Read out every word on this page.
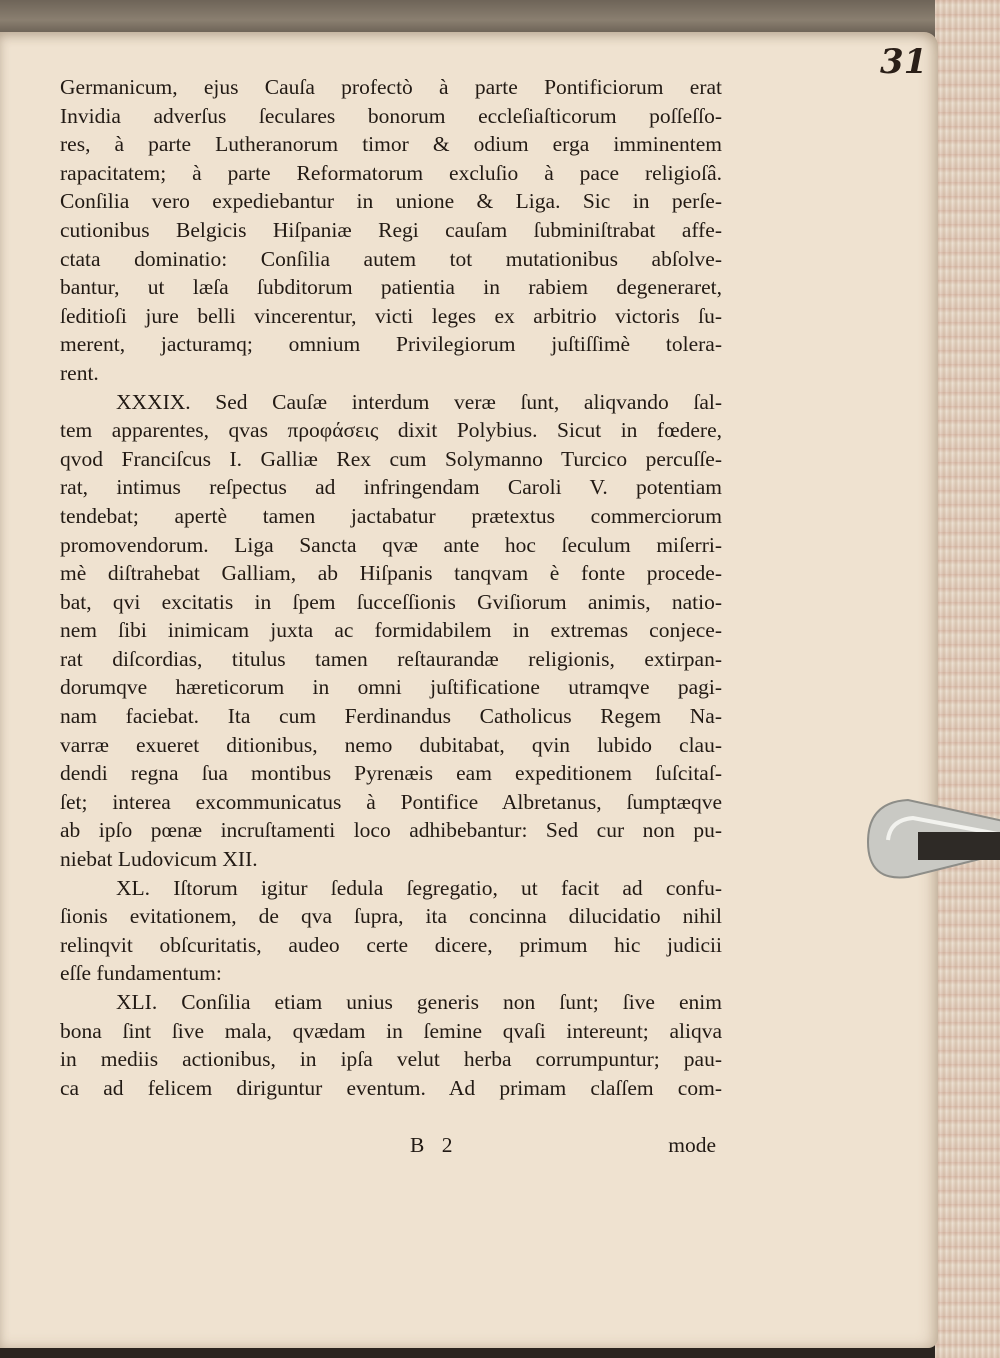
31
Germanicum, ejus Cauſa profectò à parte Pontificiorum erat
Invidia adverſus ſeculares bonorum eccleſiaſticorum poſſeſſo-
res, à parte Lutheranorum timor & odium erga imminentem
rapacitatem; à parte Reformatorum excluſio à pace religioſâ.
Conſilia vero expediebantur in unione & Liga. Sic in perſe-
cutionibus Belgicis Hiſpaniæ Regi cauſam ſubminiſtrabat affe-
ctata dominatio: Conſilia autem tot mutationibus abſolve-
bantur, ut læſa ſubditorum patientia in rabiem degeneraret,
ſeditioſi jure belli vincerentur, victi leges ex arbitrio victoris ſu-
merent, jacturamq; omnium Privilegiorum juſtiſſimè tolera-
rent.
XXXIX. Sed Cauſæ interdum veræ ſunt, aliqvando ſal-
tem apparentes, qvas προφάσεις dixit Polybius. Sicut in fœdere,
qvod Franciſcus I. Galliæ Rex cum Solymanno Turcico percuſſe-
rat, intimus reſpectus ad infringendam Caroli V. potentiam
tendebat; apertè tamen jactabatur prætextus commerciorum
promovendorum. Liga Sancta qvæ ante hoc ſeculum miſerri-
mè diſtrahebat Galliam, ab Hiſpanis tanqvam è fonte procede-
bat, qvi excitatis in ſpem ſucceſſionis Gviſiorum animis, natio-
nem ſibi inimicam juxta ac formidabilem in extremas conjece-
rat diſcordias, titulus tamen reſtaurandæ religionis, extirpan-
dorumqve hæreticorum in omni juſtificatione utramqve pagi-
nam faciebat. Ita cum Ferdinandus Catholicus Regem Na-
varræ exueret ditionibus, nemo dubitabat, qvin lubido clau-
dendi regna ſua montibus Pyrenæis eam expeditionem ſuſcitaſ-
ſet; interea excommunicatus à Pontifice Albretanus, ſumptæqve
ab ipſo pœnæ incruſtamenti loco adhibebantur: Sed cur non pu-
niebat Ludovicum XII.
XL. Iſtorum igitur ſedula ſegregatio, ut facit ad confu-
ſionis evitationem, de qva ſupra, ita concinna dilucidatio nihil
relinqvit obſcuritatis, audeo certe dicere, primum hic judicii
eſſe fundamentum:
XLI. Conſilia etiam unius generis non ſunt; ſive enim
bona ſint ſive mala, qvædam in ſemine qvaſi intereunt; aliqva
in mediis actionibus, in ipſa velut herba corrumpuntur; pau-
ca ad felicem diriguntur eventum. Ad primam claſſem com-
B 2	mode
